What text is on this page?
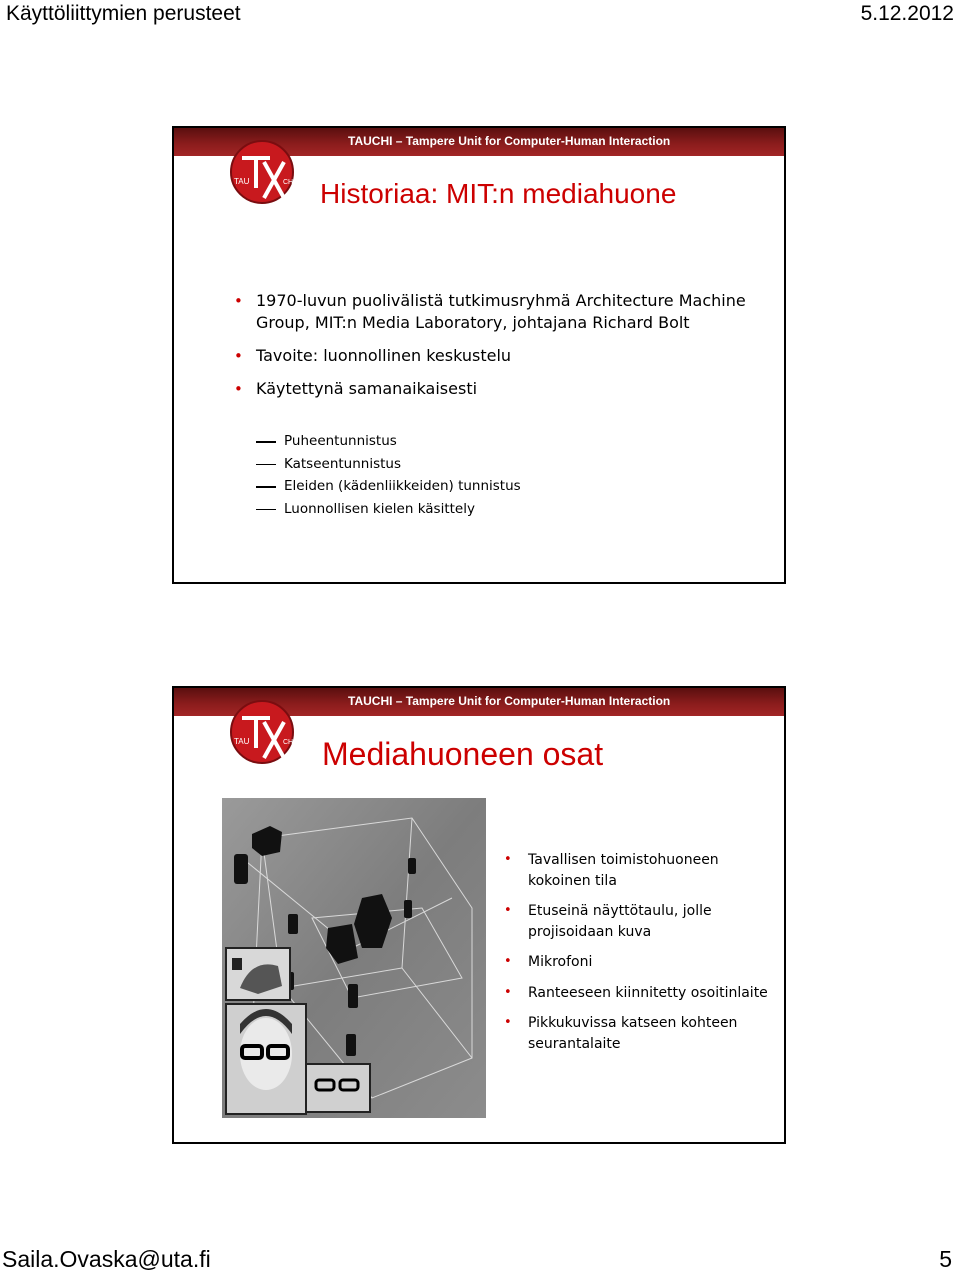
Käyttöliittymien perusteet	5.12.2012
TAUCHI – Tampere Unit for Computer-Human Interaction
TAU	CHI Historiaa: MIT:n mediahuone
• 1970-luvun puolivälistä tutkimusryhmä Architecture Machine Group, MIT:n Media Laboratory, johtajana Richard Bolt
• Tavoite: luonnollinen keskustelu
• Käytettynä samanaikaisesti
Puheentunnistus
Katseentunnistus
Eleiden (kädenliikkeiden) tunnistus
Luonnollisen kielen käsittely
TAUCHI – Tampere Unit for Computer-Human Interaction
TAU	CHI Mediahuoneen osat
• Tavallisen toimistohuoneen kokoinen tila
• Etuseinä näyttötaulu, jolle projisoidaan kuva
• Mikrofoni
• Ranteeseen kiinnitetty osoitinlaite
• Pikkukuvissa katseen kohteen seurantalaite
Saila.Ovaska@uta.fi	5
